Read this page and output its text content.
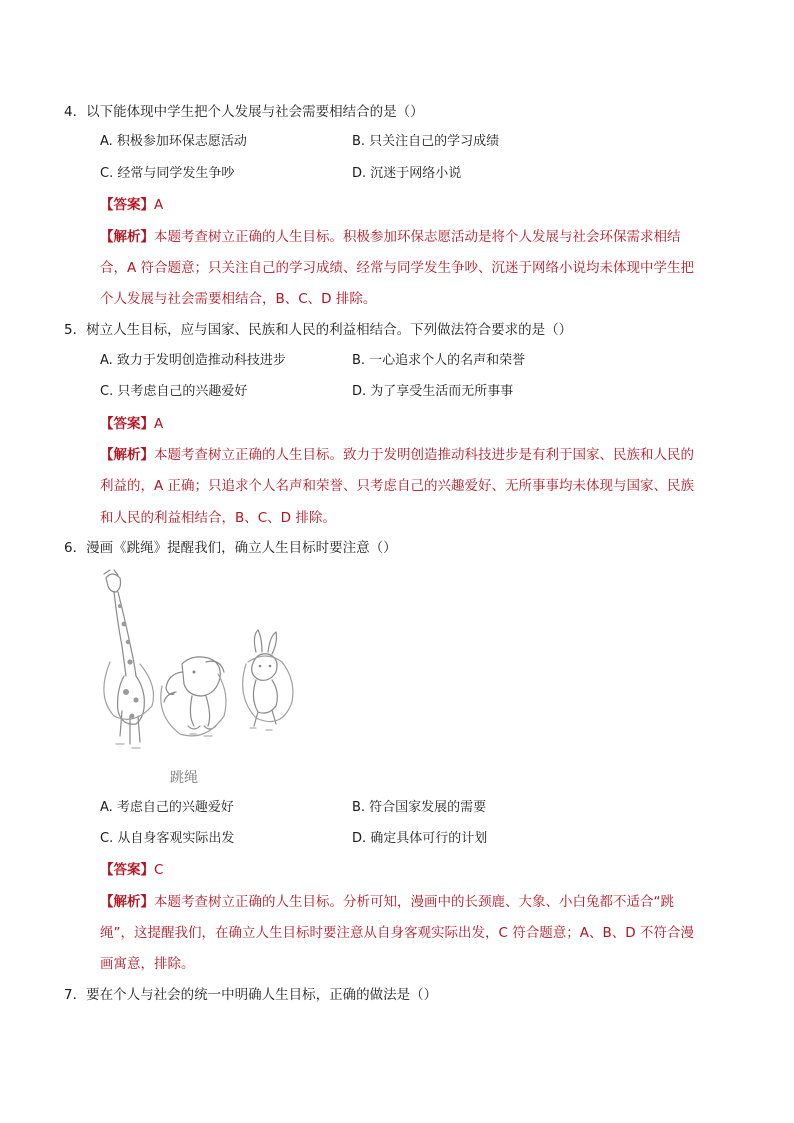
4．以下能体现中学生把个人发展与社会需要相结合的是（）
A. 积极参加环保志愿活动	B. 只关注自己的学习成绩
C. 经常与同学发生争吵	D. 沉迷于网络小说
【答案】A
【解析】本题考查树立正确的人生目标。积极参加环保志愿活动是将个人发展与社会环保需求相结
合，A 符合题意；只关注自己的学习成绩、经常与同学发生争吵、沉迷于网络小说均未体现中学生把
个人发展与社会需要相结合，B、C、D 排除。
5．树立人生目标，应与国家、民族和人民的利益相结合。下列做法符合要求的是（）
A. 致力于发明创造推动科技进步	B. 一心追求个人的名声和荣誉
C. 只考虑自己的兴趣爱好	D. 为了享受生活而无所事事
【答案】A
【解析】本题考查树立正确的人生目标。致力于发明创造推动科技进步是有利于国家、民族和人民的
利益的，A 正确；只追求个人名声和荣誉、只考虑自己的兴趣爱好、无所事事均未体现与国家、民族
和人民的利益相结合，B、C、D 排除。
6．漫画《跳绳》提醒我们，确立人生目标时要注意（）
跳绳
A. 考虑自己的兴趣爱好	B. 符合国家发展的需要
C. 从自身客观实际出发	D. 确定具体可行的计划
【答案】C
【解析】本题考查树立正确的人生目标。分析可知，漫画中的长颈鹿、大象、小白兔都不适合“跳
绳”，这提醒我们，在确立人生目标时要注意从自身客观实际出发，C 符合题意；A、B、D 不符合漫
画寓意，排除。
7．要在个人与社会的统一中明确人生目标，正确的做法是（）
